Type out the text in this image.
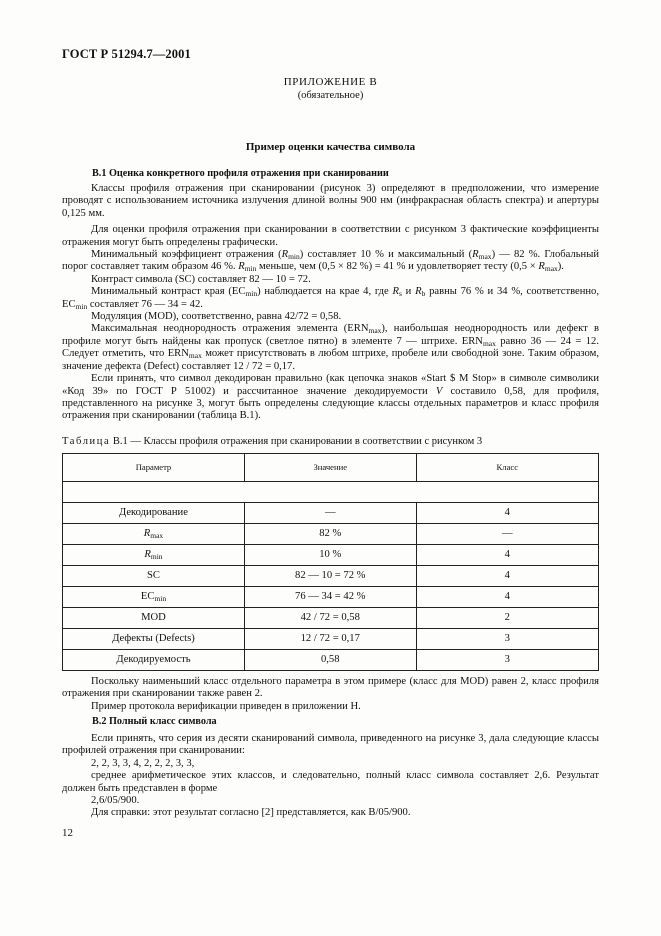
ГОСТ Р 51294.7—2001
ПРИЛОЖЕНИЕ В
(обязательное)
Пример оценки качества символа
В.1 Оценка конкретного профиля отражения при сканировании

Классы профиля отражения при сканировании (рисунок 3) определяют в предположении, что измерение проводят с использованием источника излучения длиной волны 900 нм (инфракрасная область спектра) и апертуры 0,125 мм.

Для оценки профиля отражения при сканировании в соответствии с рисунком 3 фактические коэффициенты отражения могут быть определены графически.

Минимальный коэффициент отражения $(R_{min})$ составляет 10 % и максимальный $(R_{max})$ — 82 %. Глобальный порог составляет таким образом 46 %. $R_{min}$ меньше, чем (0,5 × 82 %) = 41 % и удовлетворяет тесту $(0,5 \times R_{max})$.

Контраст символа (SC) составляет 82 — 10 = 72.

Минимальный контраст края $(EC_{min})$ наблюдается на крае 4, где $R_s$ и $R_b$ равны 76 % и 34 %, соответственно, $EC_{min}$ составляет 76 — 34 = 42.

Модуляция (MOD), соответственно, равна 42/72 = 0,58.

Максимальная неоднородность отражения элемента $(ERN_{max})$, наибольшая неоднородность или дефект в профиле могут быть найдены как пропуск (светлое пятно) в элементе 7 — штрихе. $ERN_{max}$ равно 36 — 24 = 12. Следует отметить, что $ERN_{max}$ может присутствовать в любом штрихе, пробеле или свободной зоне. Таким образом, значение дефекта (Defect) составляет 12 / 72 = 0,17.

Если принять, что символ декодирован правильно (как цепочка знаков «Start $ M Stop» в символе символики «Код 39» по ГОСТ Р 51002) и рассчитанное значение декодируемости V составило 0,58, для профиля, представленного на рисунке 3, могут быть определены следующие классы отдельных параметров и класс профиля отражения при сканировании (таблица В.1).

Таблица В.1 — Классы профиля отражения при сканировании в соответствии с рисунком 3
Параметр	Значение	Класс

Декодирование	—	4
$R_{max}$	82 %	—
$R_{min}$	10 %	4
SC	82 — 10 = 72 %	4
$EC_{min}$	76 — 34 = 42 %	4
MOD	42 / 72 = 0,58	2
Дефекты (Defects)	12 / 72 = 0,17	3
Декодируемость	0,58	3

Поскольку наименьший класс отдельного параметра в этом примере (класс для MOD) равен 2, класс профиля отражения при сканировании также равен 2.

Пример протокола верификации приведен в приложении Н.

В.2 Полный класс символа

Если принять, что серия из десяти сканирований символа, приведенного на рисунке 3, дала следующие классы профилей отражения при сканировании:

2, 2, 3, 3, 4, 2, 2, 2, 3, 3,

среднее арифметическое этих классов, и следовательно, полный класс символа составляет 2,6. Результат должен быть представлен в форме

2,6/05/900.

Для справки: этот результат согласно [2] представляется, как В/05/900.

12
